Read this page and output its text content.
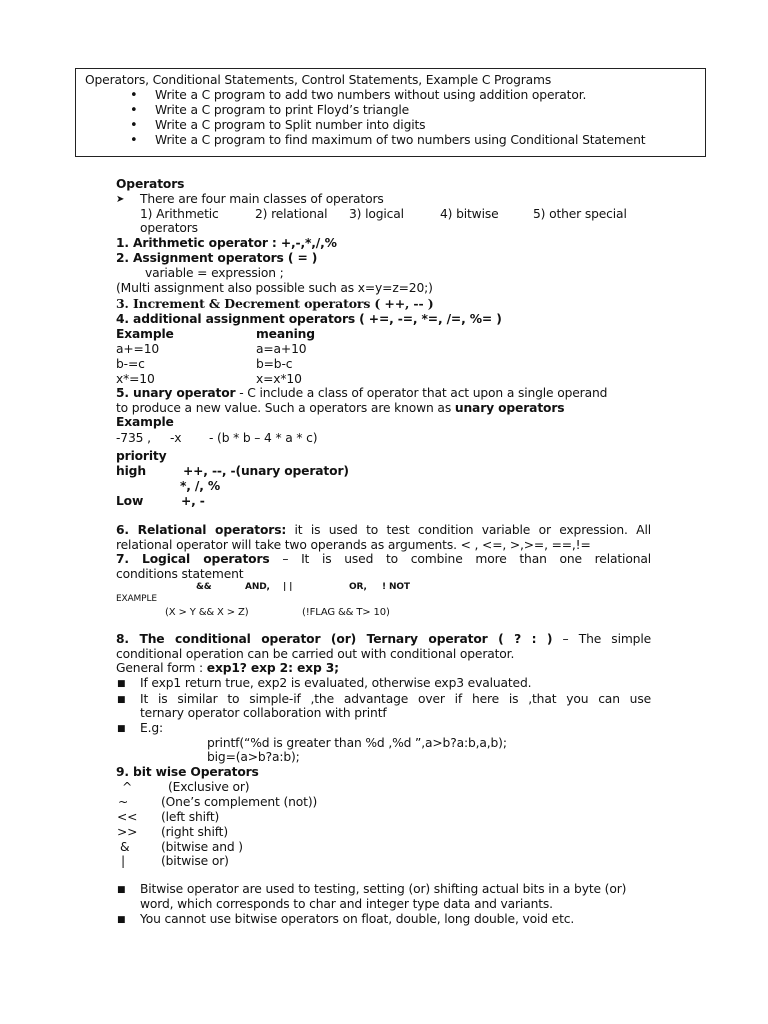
Operators, Conditional Statements, Control Statements, Example C Programs
• Write a C program to add two numbers without using addition operator.
• Write a C program to print Floyd’s triangle
• Write a C program to Split number into digits
• Write a C program to find maximum of two numbers using Conditional Statement
Operators
➤ There are four main classes of operators
1) Arithmetic	2) relational 3) logical	4) bitwise	5) other special
operators
1. Arithmetic operator : +,-,*,/,%
2. Assignment operators ( = )
variable = expression ;
(Multi assignment also possible such as x=y=z=20;)
3. Increment & Decrement operators ( ++, -- )
4. additional assignment operators ( +=, -=, *=, /=, %= )
Example	meaning
a+=10	a=a+10
b-=c	b=b-c
x*=10	x=x*10
5. unary operator - C include a class of operator that act upon a single operand
to produce a new value. Such a operators are known as unary operators
Example
-735 , -x - (b * b – 4 * a * c)
priority
high	++, --, -(unary operator)
*, /, %
Low	+, -
6. Relational operators: it is used to test condition variable or expression. All
relational operator will take two operands as arguments. < , <=, >,>=, ==,!=
7. Logical operators – It is used to combine more than one relational
conditions statement
&&	AND, | |	OR, ! NOT
EXAMPLE
(X > Y && X > Z)	(!FLAG && T> 10)
8. The conditional operator (or) Ternary operator ( ? : ) – The simple
conditional operation can be carried out with conditional operator.
General form : exp1? exp 2: exp 3;
■ If exp1 return true, exp2 is evaluated, otherwise exp3 evaluated.
■ It is similar to simple-if ,the advantage over if here is ,that you can use
ternary operator collaboration with printf
■ E.g:
printf(“%d is greater than %d ,%d ”,a>b?a:b,a,b);
big=(a>b?a:b);
9. bit wise Operators
^	(Exclusive or)
~	(One’s complement (not))
<< (left shift)
>> (right shift)
&	(bitwise and )
|	(bitwise or)
■ Bitwise operator are used to testing, setting (or) shifting actual bits in a byte (or)
word, which corresponds to char and integer type data and variants.
■ You cannot use bitwise operators on float, double, long double, void etc.
